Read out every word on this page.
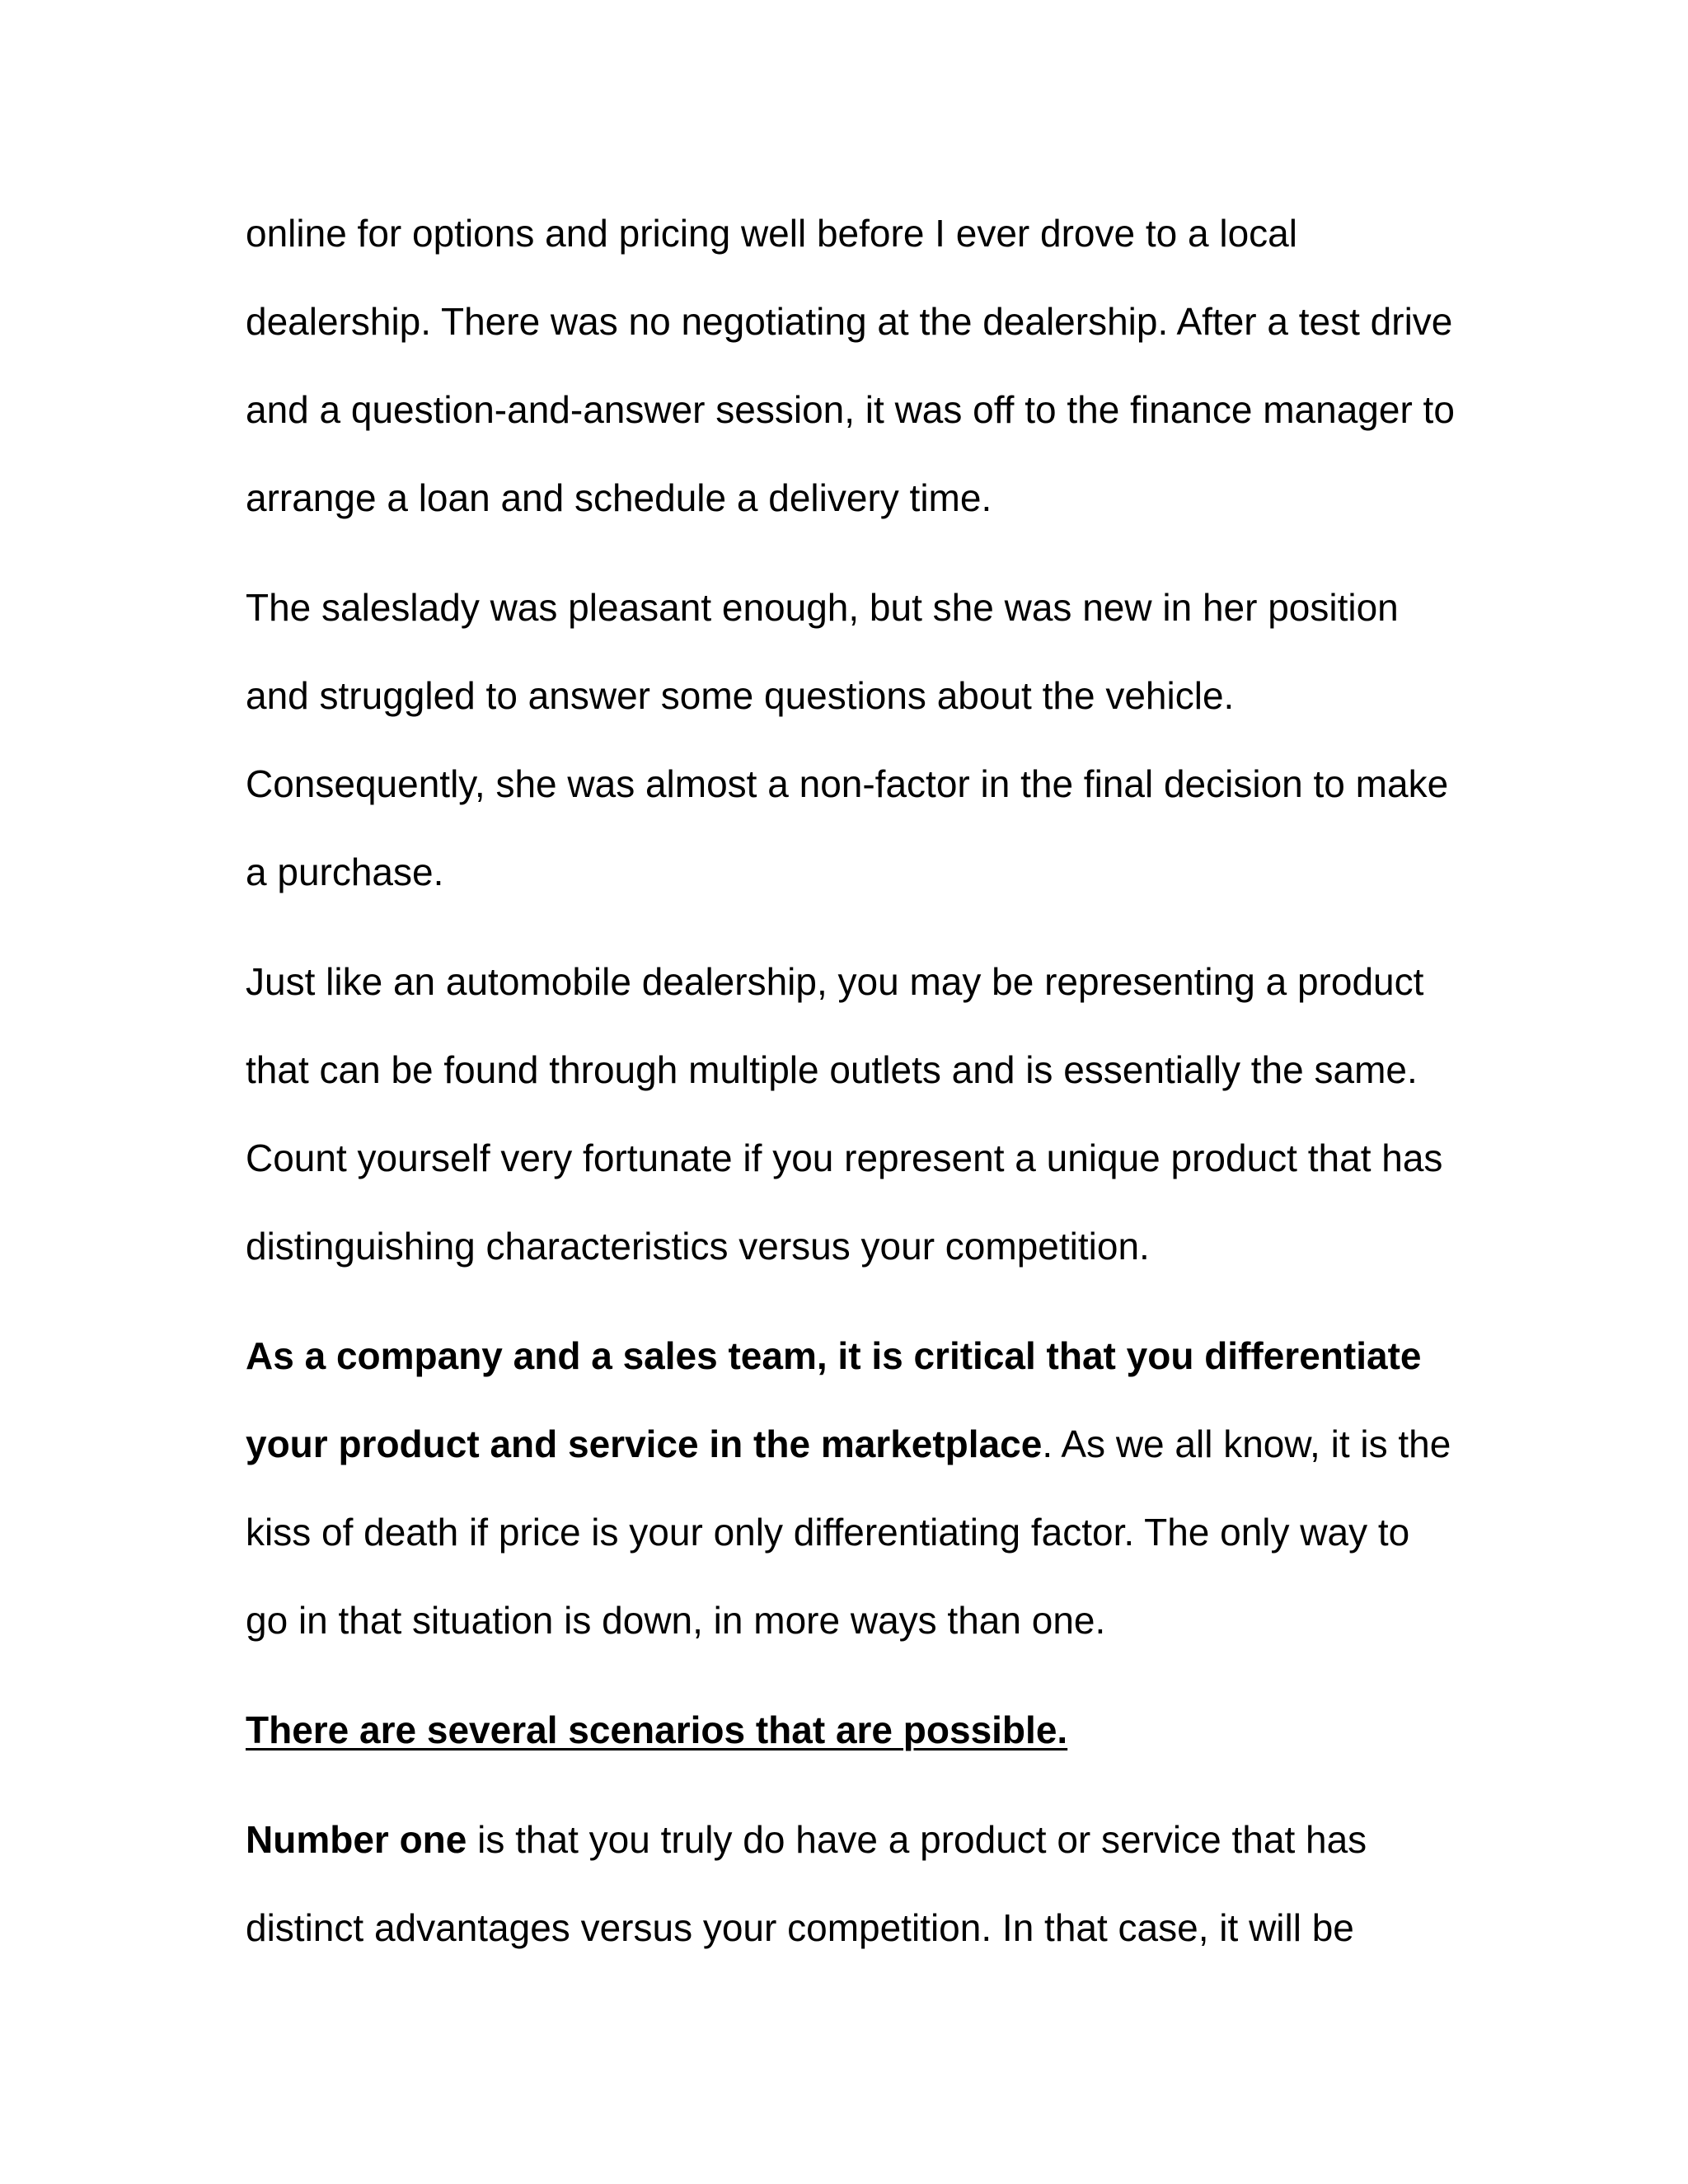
online for options and pricing well before I ever drove to a local
dealership. There was no negotiating at the dealership. After a test drive
and a question-and-answer session, it was off to the finance manager to
arrange a loan and schedule a delivery time.

The saleslady was pleasant enough, but she was new in her position
and struggled to answer some questions about the vehicle.
Consequently, she was almost a non-factor in the final decision to make
a purchase.

Just like an automobile dealership, you may be representing a product
that can be found through multiple outlets and is essentially the same.
Count yourself very fortunate if you represent a unique product that has
distinguishing characteristics versus your competition.

As a company and a sales team, it is critical that you differentiate
your product and service in the marketplace. As we all know, it is the
kiss of death if price is your only differentiating factor. The only way to
go in that situation is down, in more ways than one.

There are several scenarios that are possible.

Number one is that you truly do have a product or service that has
distinct advantages versus your competition. In that case, it will be
